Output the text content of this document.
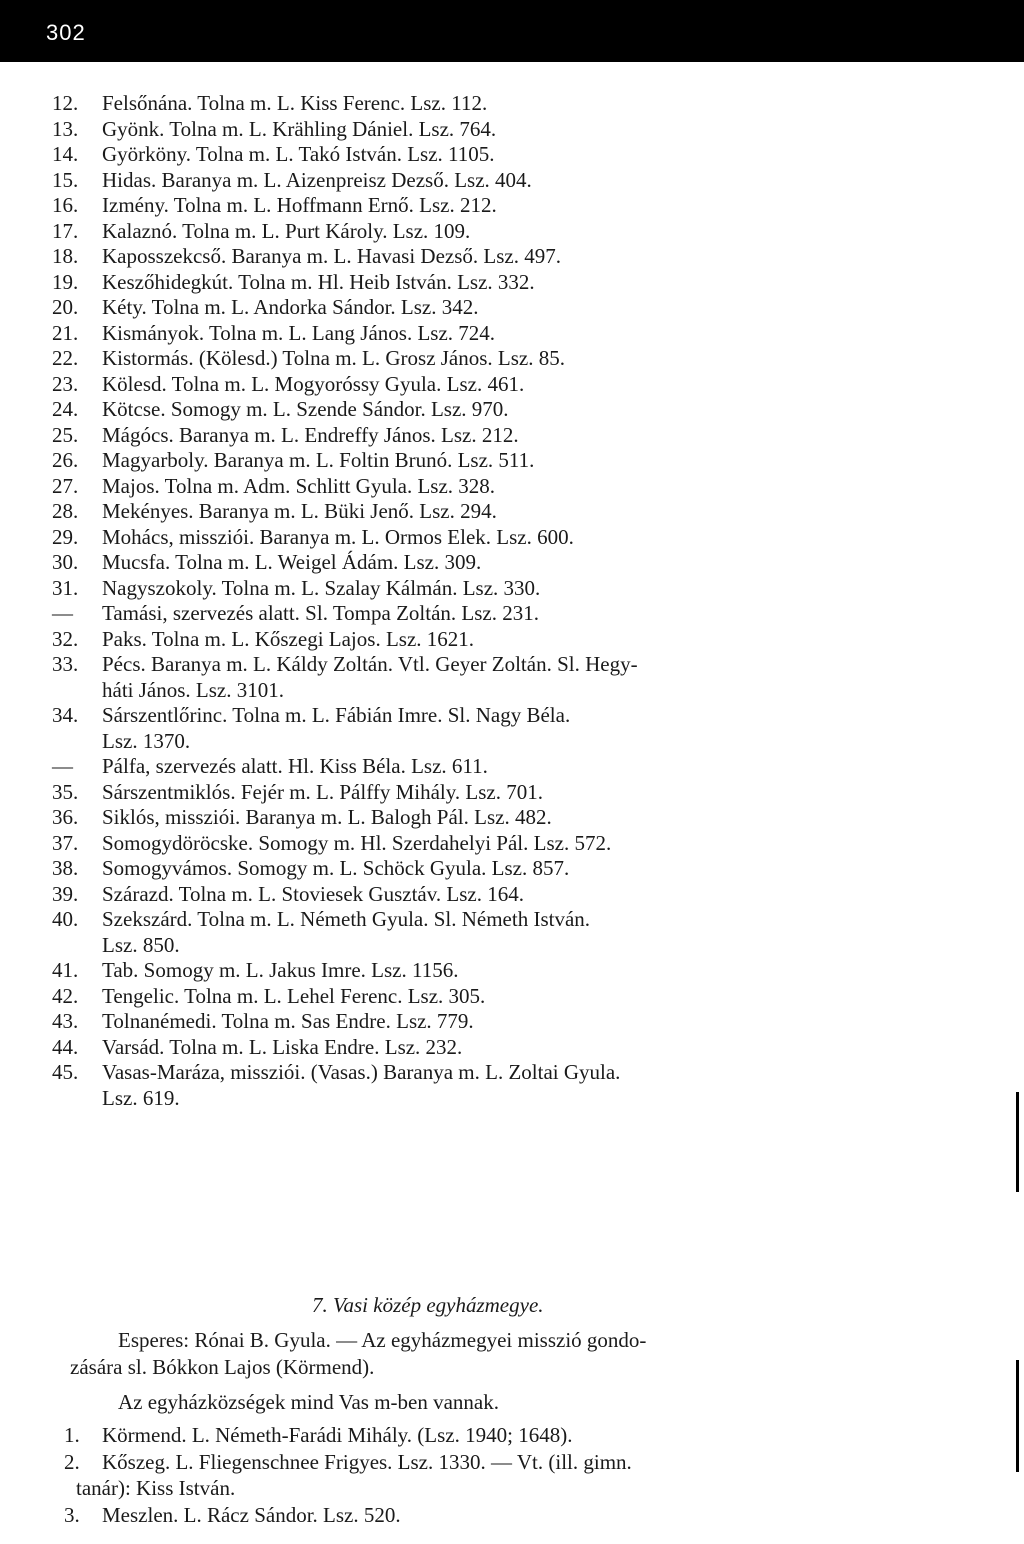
302
12. Felsőnána. Tolna m. L. Kiss Ferenc. Lsz. 112.
13. Gyönk. Tolna m. L. Krähling Dániel. Lsz. 764.
14. Györköny. Tolna m. L. Takó István. Lsz. 1105.
15. Hidas. Baranya m. L. Aizenpreisz Dezső. Lsz. 404.
16. Izmény. Tolna m. L. Hoffmann Ernő. Lsz. 212.
17. Kalaznó. Tolna m. L. Purt Károly. Lsz. 109.
18. Kaposszekcső. Baranya m. L. Havasi Dezső. Lsz. 497.
19. Keszőhidegkút. Tolna m. Hl. Heib István. Lsz. 332.
20. Kéty. Tolna m. L. Andorka Sándor. Lsz. 342.
21. Kismányok. Tolna m. L. Lang János. Lsz. 724.
22. Kistormás. (Kölesd.) Tolna m. L. Grosz János. Lsz. 85.
23. Kölesd. Tolna m. L. Mogyoróssy Gyula. Lsz. 461.
24. Kötcse. Somogy m. L. Szende Sándor. Lsz. 970.
25. Mágócs. Baranya m. L. Endreffy János. Lsz. 212.
26. Magyarboly. Baranya m. L. Foltin Brunó. Lsz. 511.
27. Majos. Tolna m. Adm. Schlitt Gyula. Lsz. 328.
28. Mekényes. Baranya m. L. Büki Jenő. Lsz. 294.
29. Mohács, missziói. Baranya m. L. Ormos Elek. Lsz. 600.
30. Mucsfa. Tolna m. L. Weigel Ádám. Lsz. 309.
31. Nagyszokoly. Tolna m. L. Szalay Kálmán. Lsz. 330.
— Tamási, szervezés alatt. Sl. Tompa Zoltán. Lsz. 231.
32. Paks. Tolna m. L. Kőszegi Lajos. Lsz. 1621.
33. Pécs. Baranya m. L. Káldy Zoltán. Vtl. Geyer Zoltán. Sl. Hegy-
háti János. Lsz. 3101.
34. Sárszentlőrinc. Tolna m. L. Fábián Imre. Sl. Nagy Béla.
Lsz. 1370.
— Pálfa, szervezés alatt. Hl. Kiss Béla. Lsz. 611.
35. Sárszentmiklós. Fejér m. L. Pálffy Mihály. Lsz. 701.
36. Siklós, missziói. Baranya m. L. Balogh Pál. Lsz. 482.
37. Somogydöröcske. Somogy m. Hl. Szerdahelyi Pál. Lsz. 572.
38. Somogyvámos. Somogy m. L. Schöck Gyula. Lsz. 857.
39. Szárazd. Tolna m. L. Stoviesek Gusztáv. Lsz. 164.
40. Szekszárd. Tolna m. L. Németh Gyula. Sl. Németh István.
Lsz. 850.
41. Tab. Somogy m. L. Jakus Imre. Lsz. 1156.
42. Tengelic. Tolna m. L. Lehel Ferenc. Lsz. 305.
43. Tolnanémedi. Tolna m. Sas Endre. Lsz. 779.
44. Varsád. Tolna m. L. Liska Endre. Lsz. 232.
45. Vasas-Maráza, missziói. (Vasas.) Baranya m. L. Zoltai Gyula.
Lsz. 619.
7. Vasi közép egyházmegye.
Esperes: Rónai B. Gyula. — Az egyházmegyei misszió gondo-
zására sl. Bókkon Lajos (Körmend).
Az egyházközségek mind Vas m-ben vannak.
1. Körmend. L. Németh-Farádi Mihály. (Lsz. 1940; 1648).
2. Kőszeg. L. Fliegenschnee Frigyes. Lsz. 1330. — Vt. (ill. gimn.
tanár): Kiss István.
3. Meszlen. L. Rácz Sándor. Lsz. 520.
